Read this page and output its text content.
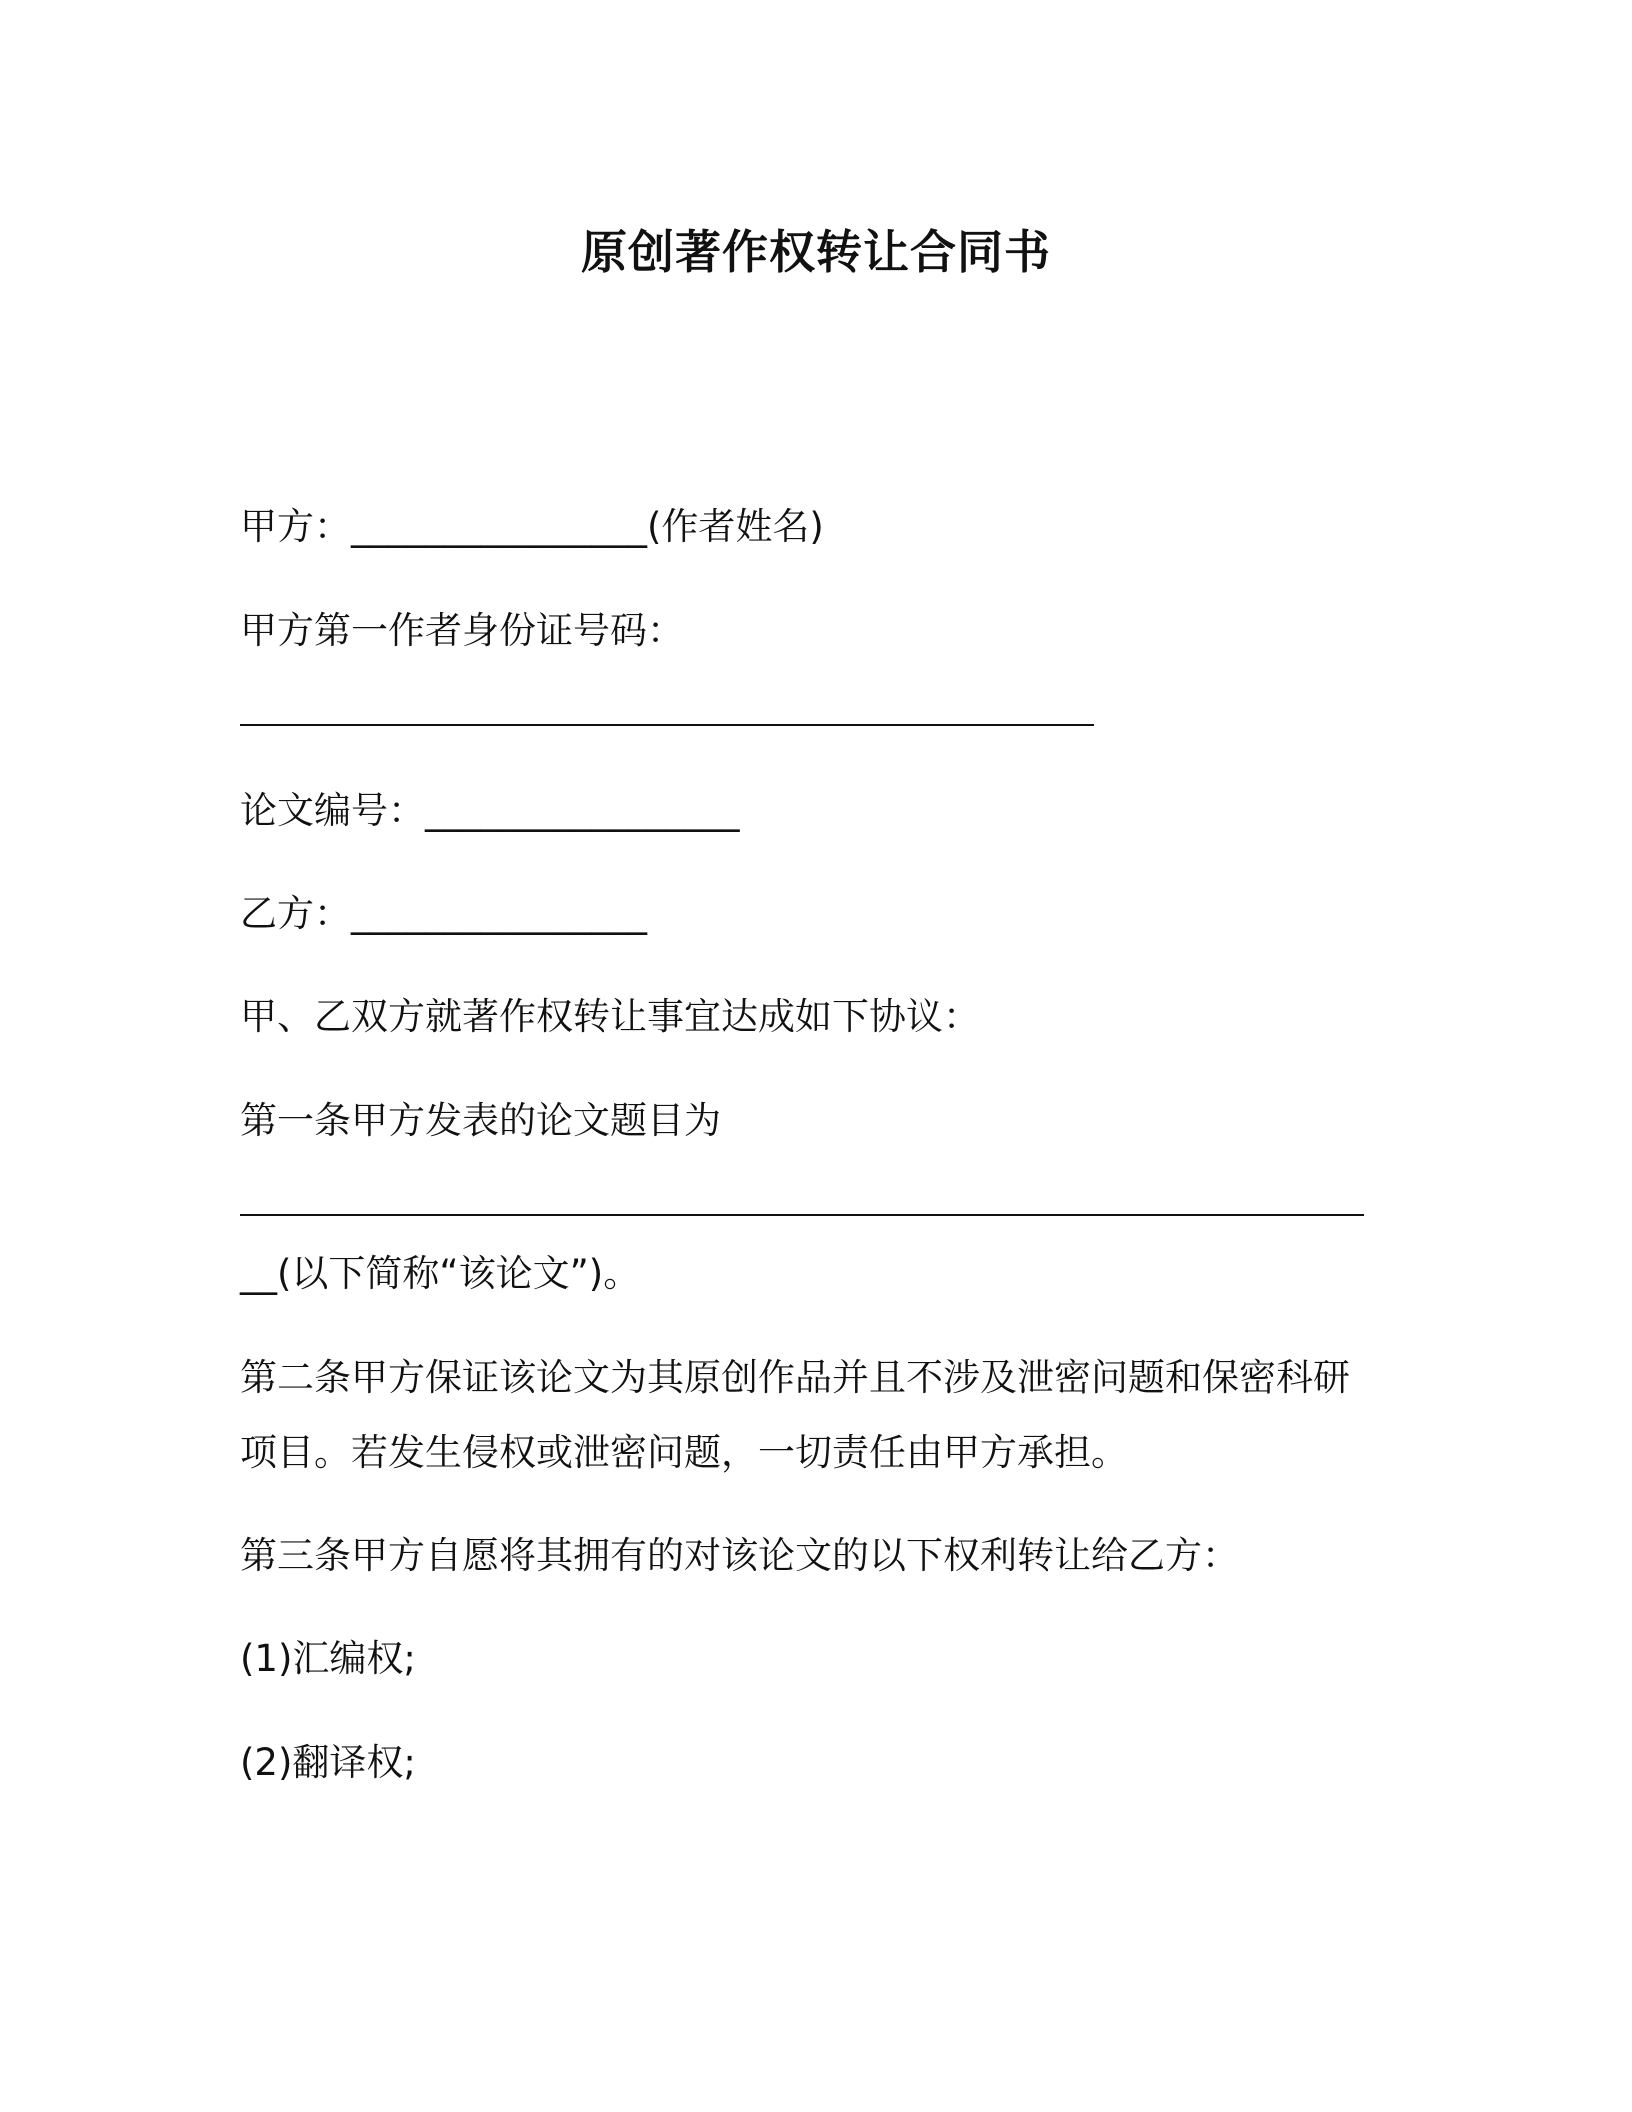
原创著作权转让合同书

甲方：________________(作者姓名)

甲方第一作者身份证号码：

论文编号：_________________

乙方：________________

甲、乙双方就著作权转让事宜达成如下协议：

第一条甲方发表的论文题目为

__(以下简称“该论文”)。

第二条甲方保证该论文为其原创作品并且不涉及泄密问题和保密科研

项目。若发生侵权或泄密问题，一切责任由甲方承担。

第三条甲方自愿将其拥有的对该论文的以下权利转让给乙方：

(1)汇编权;

(2)翻译权;
